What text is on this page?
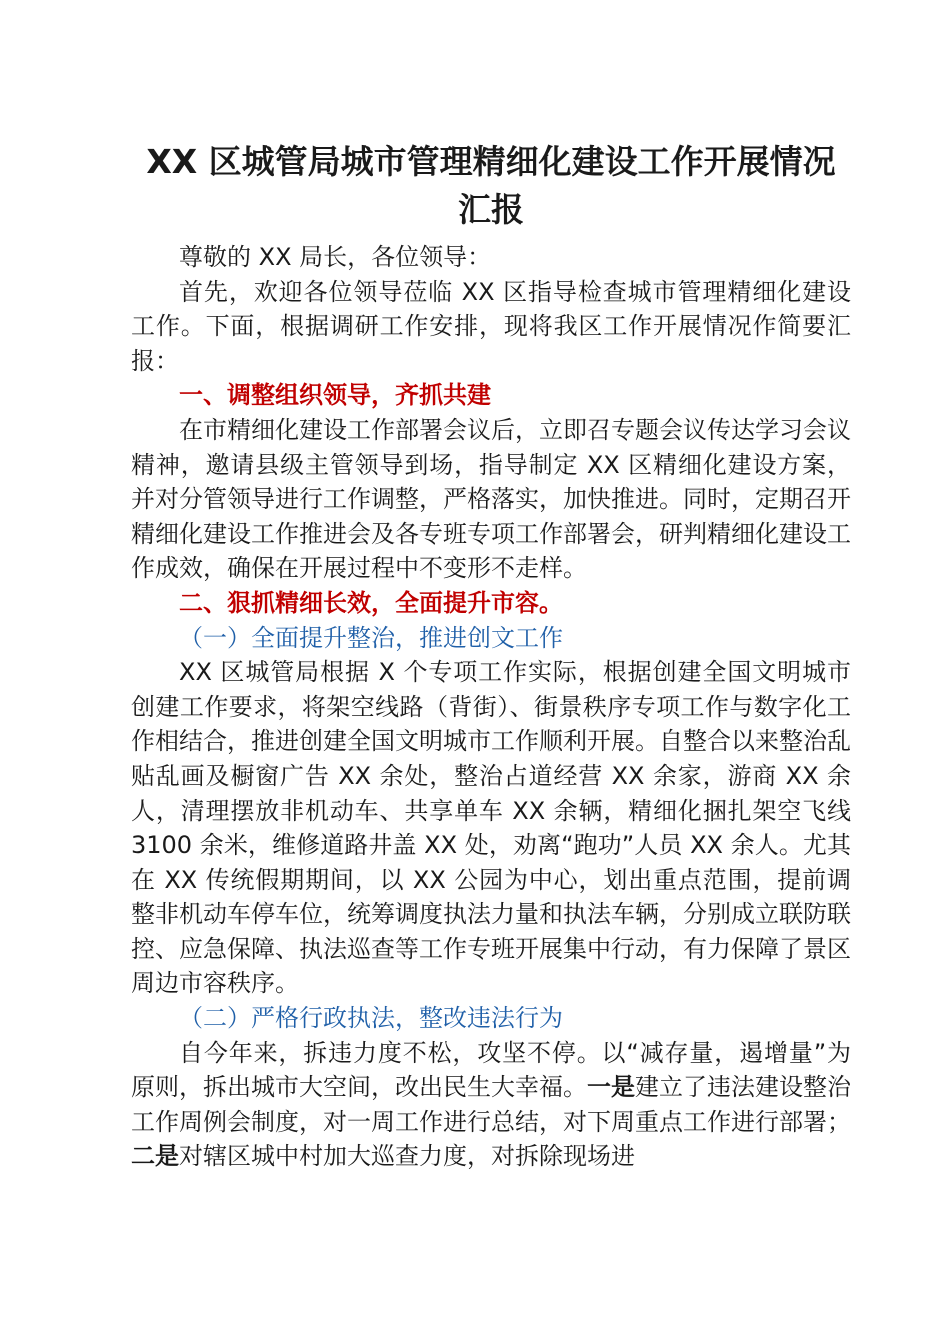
XX 区城管局城市管理精细化建设工作开展情况汇报

尊敬的 XX 局长，各位领导：

首先，欢迎各位领导莅临 XX 区指导检查城市管理精细化建设工作。下面，根据调研工作安排，现将我区工作开展情况作简要汇报：

一、调整组织领导，齐抓共建

在市精细化建设工作部署会议后，立即召专题会议传达学习会议精神，邀请县级主管领导到场，指导制定 XX 区精细化建设方案，并对分管领导进行工作调整，严格落实，加快推进。同时，定期召开精细化建设工作推进会及各专班专项工作部署会，研判精细化建设工作成效，确保在开展过程中不变形不走样。

二、狠抓精细长效，全面提升市容。

（一）全面提升整治，推进创文工作

XX 区城管局根据 X 个专项工作实际，根据创建全国文明城市创建工作要求，将架空线路（背街）、街景秩序专项工作与数字化工作相结合，推进创建全国文明城市工作顺利开展。自整合以来整治乱贴乱画及橱窗广告 XX 余处，整治占道经营 XX 余家，游商 XX 余人，清理摆放非机动车、共享单车 XX 余辆，精细化捆扎架空飞线 3100 余米，维修道路井盖 XX 处，劝离“跑功”人员 XX 余人。尤其在 XX 传统假期期间，以 XX 公园为中心，划出重点范围，提前调整非机动车停车位，统筹调度执法力量和执法车辆，分别成立联防联控、应急保障、执法巡查等工作专班开展集中行动，有力保障了景区周边市容秩序。

（二）严格行政执法，整改违法行为

自今年来，拆违力度不松，攻坚不停。以“减存量，遏增量”为原则，拆出城市大空间，改出民生大幸福。一是建立了违法建设整治工作周例会制度，对一周工作进行总结，对下周重点工作进行部署；二是对辖区城中村加大巡查力度，对拆除现场进
